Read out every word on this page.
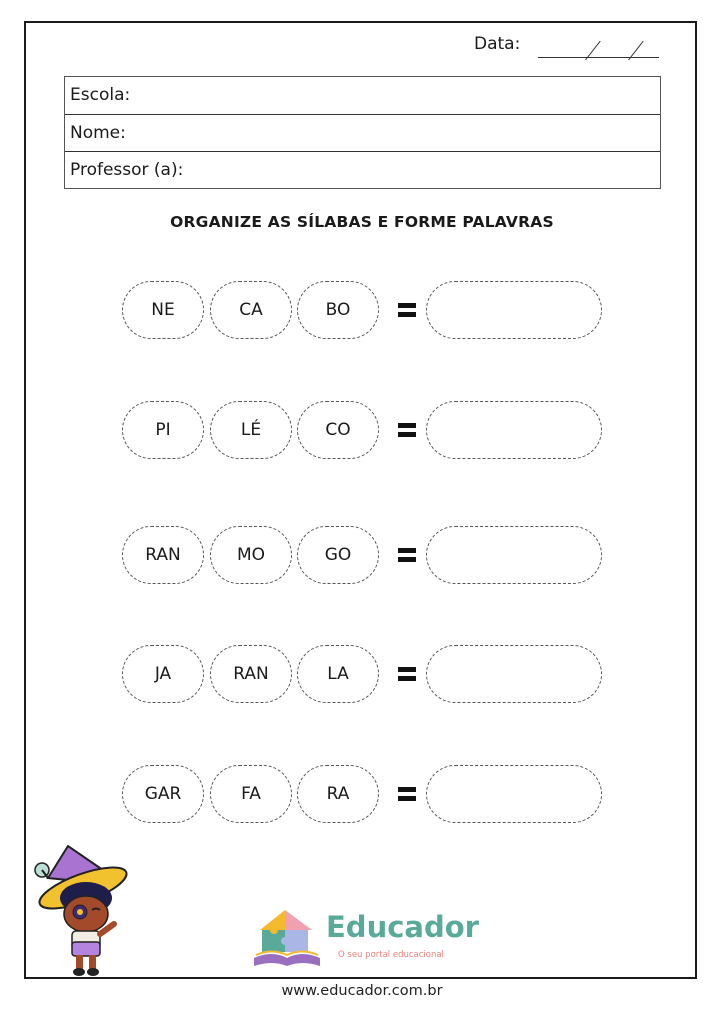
Data:
Escola:
Nome:
Professor (a):
ORGANIZE AS SÍLABAS E FORME PALAVRAS
NE	CA	BO
PI	LÉ	CO
RAN	MO	GO
JA	RAN	LA
GAR	FA	RA
Educador
O seu portal educacional
www.educador.com.br
